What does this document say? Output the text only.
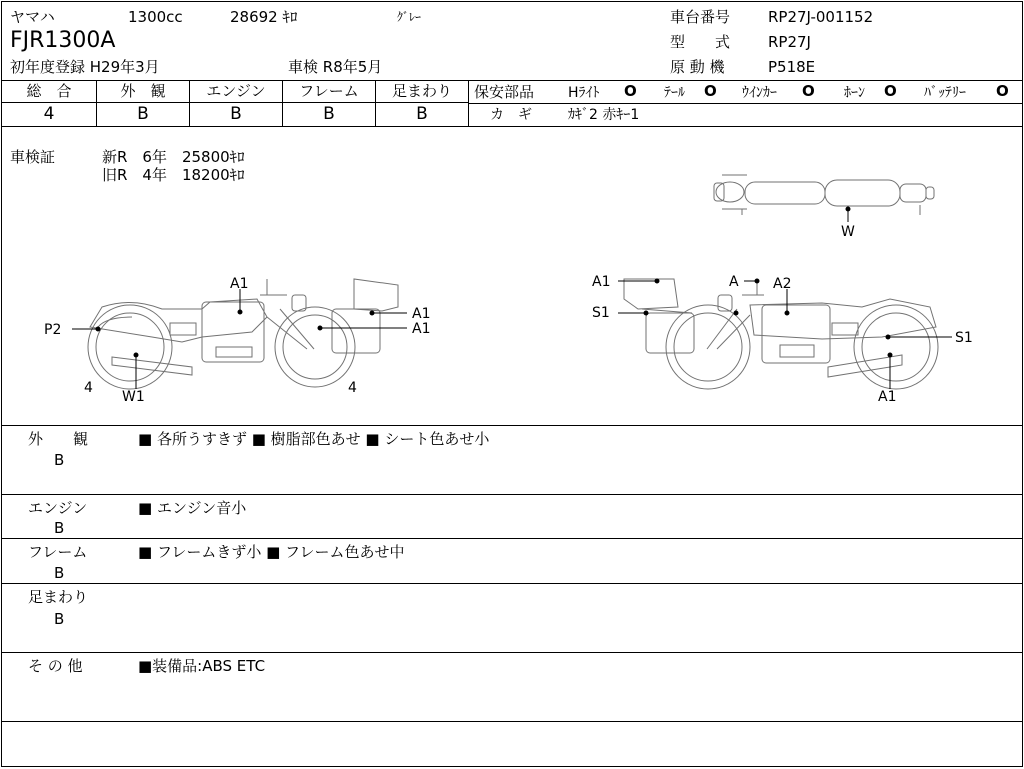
ヤマハ	1300cc	28692 ｷﾛ	ｸﾞﾚｰ	車台番号	RP27J-001152
FJR1300A	型　　式	RP27J
初年度登録 H29年3月	車検 R8年5月	原 動 機	P518E
総　合	外　観	エンジン	フレーム	足まわり
4	B	B	B	B
保安部品 Hﾗｲﾄ O ﾃｰﾙ O ｳｲﾝｶｰ O ﾎｰﾝ O ﾊﾞｯﾃﾘｰ O
カ　ギ	ｶｷﾞ2 赤ｷｰ1
車検証	新R　6年　25800ｷﾛ
旧R　4年　18200ｷﾛ
W
A1
P2
A1
A1
4	4
W1
A1
S1
A A2
S1
A1
外　　観
B
■ 各所うすきず ■ 樹脂部色あせ ■ シート色あせ小
エンジン
B
■ エンジン音小
フレーム
B
■ フレームきず小 ■ フレーム色あせ中
足まわり
B
そ の 他	■装備品:ABS ETC
